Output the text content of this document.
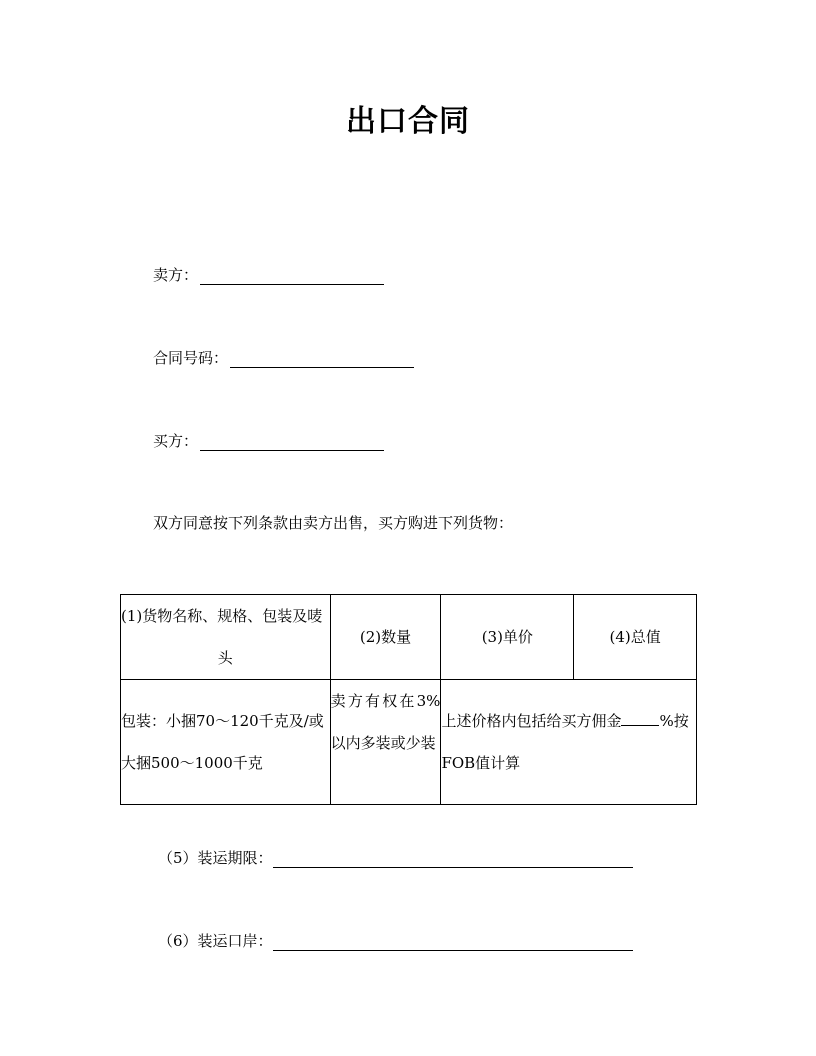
出口合同
卖方：
合同号码：
买方：
双方同意按下列条款由卖方出售，买方购进下列货物：
(1)货物名称、规格、包装及唛
头	(2)数量	(3)单价	(4)总值
包装：小捆70～120千克及/或
大捆500～1000千克	卖方有权在3%以内多装或少装	上述价格内包括给买方佣金 %按
FOB值计算	
（5）装运期限：
（6）装运口岸：
